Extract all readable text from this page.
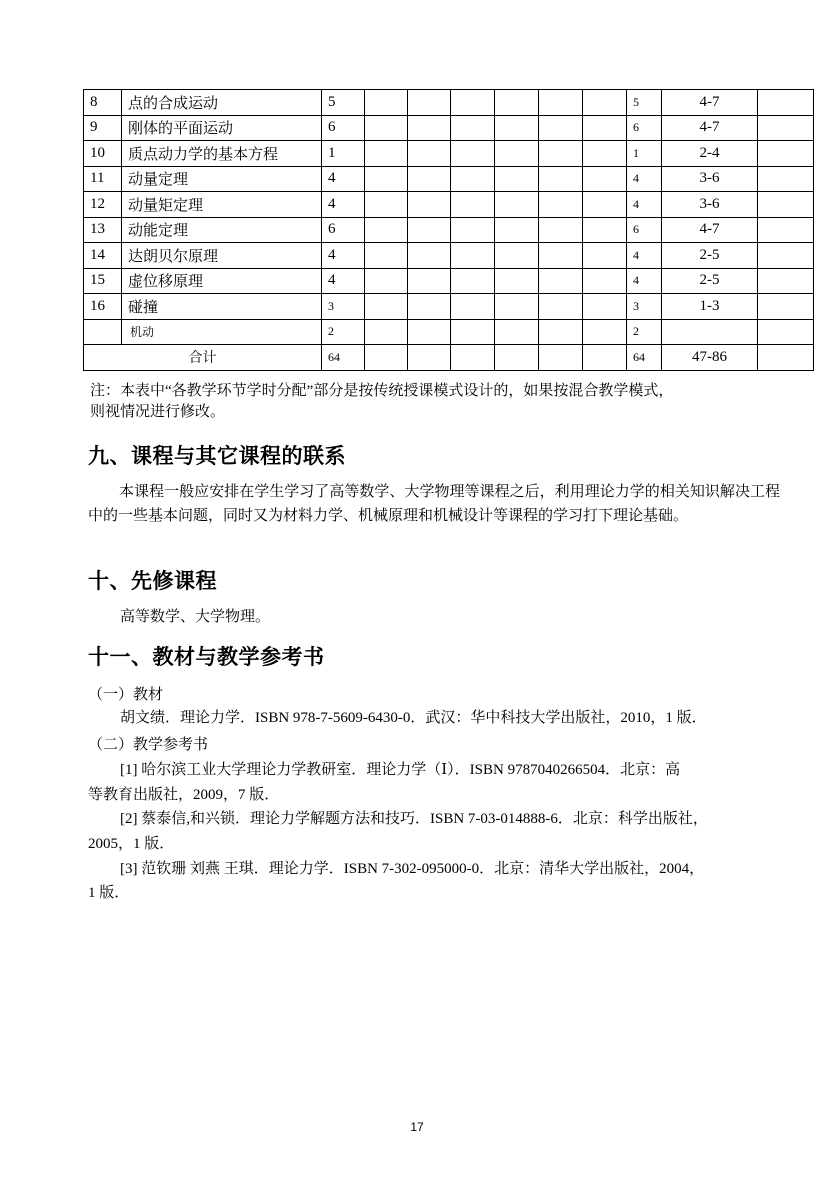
8	点的合成运动	5							5	4-7	
9	刚体的平面运动	6							6	4-7	
10	质点动力学的基本方程	1							1	2-4	
11	动量定理	4							4	3-6	
12	动量矩定理	4							4	3-6	
13	动能定理	6							6	4-7	
14	达朗贝尔原理	4							4	2-5	
15	虚位移原理	4							4	2-5	
16	碰撞	3							3	1-3	
	机动	2							2		
合计		64							64	47-86	
注：本表中“各教学环节学时分配”部分是按传统授课模式设计的，如果按混合教学模式，
则视情况进行修改。
九、课程与其它课程的联系
本课程一般应安排在学生学习了高等数学、大学物理等课程之后，利用理论力学的相关知识解决工程中的一些基本问题，同时又为材料力学、机械原理和机械设计等课程的学习打下理论基础。
十、先修课程
高等数学、大学物理。
十一、教材与教学参考书
（一）教材
胡文绩．理论力学．ISBN 978-7-5609-6430-0．武汉：华中科技大学出版社，2010，1 版．
（二）教学参考书
[1] 哈尔滨工业大学理论力学教研室．理论力学（Ⅰ）．ISBN 9787040266504．北京：高
等教育出版社，2009，7 版．
[2] 蔡泰信,和兴锁．理论力学解题方法和技巧．ISBN 7-03-014888-6．北京：科学出版社，
2005，1 版．
[3] 范钦珊 刘燕 王琪．理论力学．ISBN 7-302-095000-0．北京：清华大学出版社，2004，
1 版．
17
